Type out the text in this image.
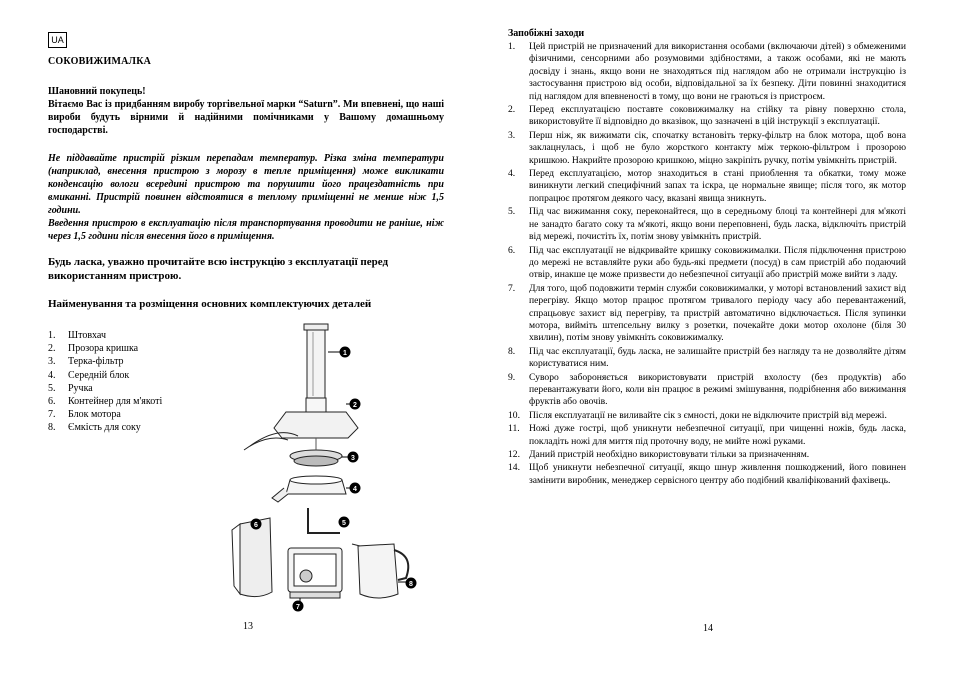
UA
СОКОВИЖИМАЛКА

Шановний покупець!

Вітаємо Вас із придбанням виробу торгівельної марки “Saturn”. Ми впевнені, що наші вироби будуть вірними й надійними помічниками у Вашому домашньому господарстві.

Не піддавайте пристрій різким перепадам температур. Різка зміна температури (наприклад, внесення пристрою з морозу в тепле приміщення) може викликати конденсацію вологи всередині пристрою та порушити його працездатність при вмиканні. Пристрій повинен відстоятися в теплому приміщенні не менше ніж 1,5 години.

Введення пристрою в експлуатацію після транспортування проводити не раніше, ніж через 1,5 години після внесення його в приміщення.

Будь ласка, уважно прочитайте всю інструкцію з експлуатації перед використанням пристрою.
Найменування та розміщення основних комплектуючих деталей
1.	Штовхач
2.	Прозора кришка
3.	Терка-фільтр
4.	Середній блок
5.	Ручка
6.	Контейнер для м'якоті
7.	Блок мотора
8.	Ємкість для соку
1
2
3
4
5
6
7
8
13
Запобіжні заходи
1.	Цей пристрій не призначений для використання особами (включаючи дітей) з обмеженими фізичними, сенсорними або розумовими здібностями, а також особами, які не мають досвіду і знань, якщо вони не знаходяться під наглядом або не отримали інструкцію із застосування пристрою від особи, відповідальної за їх безпеку. Діти повинні знаходитися під наглядом для впевненості в тому, що вони не граються із пристроєм.
2.	Перед експлуатацією поставте соковижималку на стійку та рівну поверхню стола, використовуйте її відповідно до вказівок, що зазначені в цій інструкції з експлуатації.
3.	Перш ніж, як вижимати сік, спочатку встановіть терку-фільтр на блок мотора, щоб вона заклацнулась, і щоб не було жорсткого контакту між теркою-фільтром і прозорою кришкою. Накрийте прозорою кришкою, міцно закріпіть ручку, потім увімкніть пристрій.
4.	Перед експлуатацією, мотор знаходиться в стані приоблення та обкатки, тому може виникнути легкий специфічний запах та іскра, це нормальне явище; після того, як мотор попрацює протягом деякого часу, вказані явища зникнуть.
5.	Під час вижимання соку, переконайтеся, що в середньому блоці та контейнері для м'якоті не занадто багато соку та м'якоті, якщо вони переповнені, будь ласка, відключіть пристрій від мережі, почистіть їх, потім знову увімкніть пристрій.
6.	Під час експлуатації не відкривайте кришку соковижималки. Після підключення пристрою до мережі не вставляйте руки або будь-які предмети (посуд) в сам пристрій або подаючий отвір, инакше це може призвести до небезпечної ситуації або пристрій може вийти з ладу.
7.	Для того, щоб подовжити термін служби соковижималки, у моторі встановлений захист від перегріву. Якщо мотор працює протягом тривалого періоду часу або перевантажений, спрацьовує захист від перегріву, та пристрій автоматично відключається. Після зупинки мотора, вийміть штепсельну вилку з розетки, почекайте доки мотор охолоне (біля 30 хвилин), потім знову увімкніть соковижималку.
8.	Під час експлуатації, будь ласка, не залишайте пристрій без нагляду та не дозволяйте дітям користуватися ним.
9.	Суворо забороняється використовувати пристрій вхолосту (без продуктів) або перевантажувати його, коли він працює в режимі змішування, подрібнення або вижимання фруктів або овочів.
10. Після експлуатації не виливайте сік з ємності, доки не відключите пристрій від мережі.
11. Ножі дуже гострі, щоб уникнути небезпечної ситуації, при чищенні ножів, будь ласка, покладіть ножі для миття під проточну воду, не мийте ножі руками.
12. Даний пристрій необхідно використовувати тільки за призначенням.
14. Щоб уникнути небезпечної ситуації, якщо шнур живлення пошкоджений, його повинен замінити виробник, менеджер сервісного центру або подібний кваліфікований фахівець.
14
